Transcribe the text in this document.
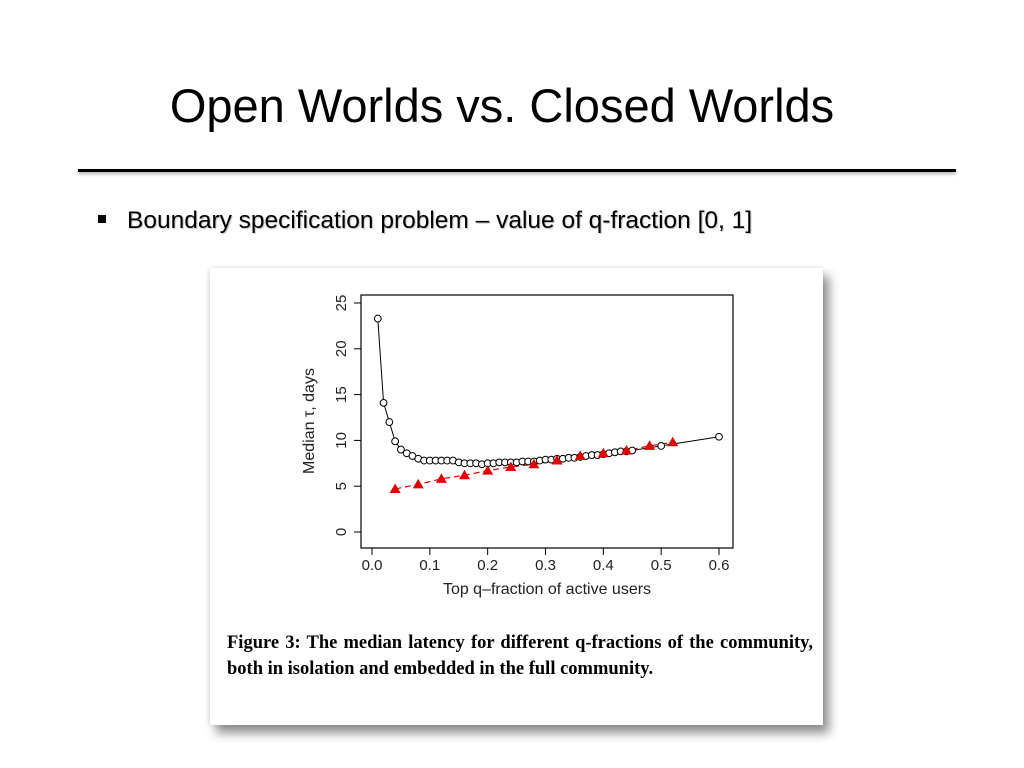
Open Worlds vs. Closed Worlds
Boundary specification problem – value of q-fraction [0, 1]
0.0 0.1 0.2 0.3 0.4 0.5 0.6
0
5
10
15
20
25
Top q–fraction of active users
Median τ, days
Figure 3: The median latency for different q-fractions of the community, both in isolation and embedded in the full community.
